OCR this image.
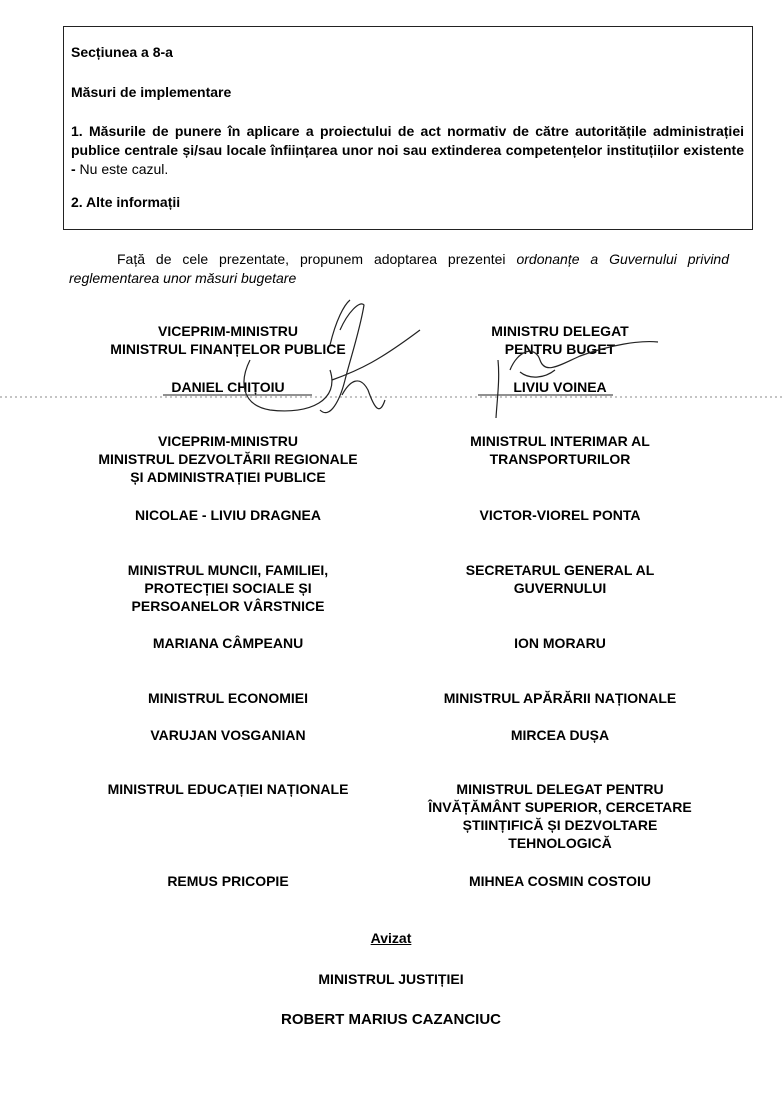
Secțiunea a 8-a
Măsuri de implementare
1. Măsurile de punere în aplicare a proiectului de act normativ de către autoritățile administrației publice centrale și/sau locale înființarea unor noi sau extinderea competențelor instituțiilor existente - Nu este cazul.
2. Alte informații
Față de cele prezentate, propunem adoptarea prezentei ordonanțe a Guvernului privind reglementarea unor măsuri bugetare
VICEPRIM-MINISTRU
MINISTRUL FINANȚELOR PUBLICE
DANIEL CHIȚOIU
MINISTRU DELEGAT
PENTRU BUGET
LIVIU VOINEA
VICEPRIM-MINISTRU
MINISTRUL DEZVOLTĂRII REGIONALE
ȘI ADMINISTRAȚIEI PUBLICE
NICOLAE - LIVIU DRAGNEA
MINISTRUL INTERIMAR AL
TRANSPORTURILOR
VICTOR-VIOREL PONTA
MINISTRUL MUNCII, FAMILIEI,
PROTECȚIEI SOCIALE ȘI
PERSOANELOR VÂRSTNICE
MARIANA CÂMPEANU
SECRETARUL GENERAL AL
GUVERNULUI
ION MORARU
MINISTRUL ECONOMIEI
VARUJAN VOSGANIAN
MINISTRUL APĂRĂRII NAȚIONALE
MIRCEA DUȘA
MINISTRUL EDUCAȚIEI NAȚIONALE
REMUS PRICOPIE
MINISTRUL DELEGAT PENTRU
ÎNVĂȚĂMÂNT SUPERIOR, CERCETARE
ȘTIINȚIFICĂ ȘI DEZVOLTARE
TEHNOLOGICĂ
MIHNEA COSMIN COSTOIU
Avizat
MINISTRUL JUSTIȚIEI
ROBERT MARIUS CAZANCIUC
